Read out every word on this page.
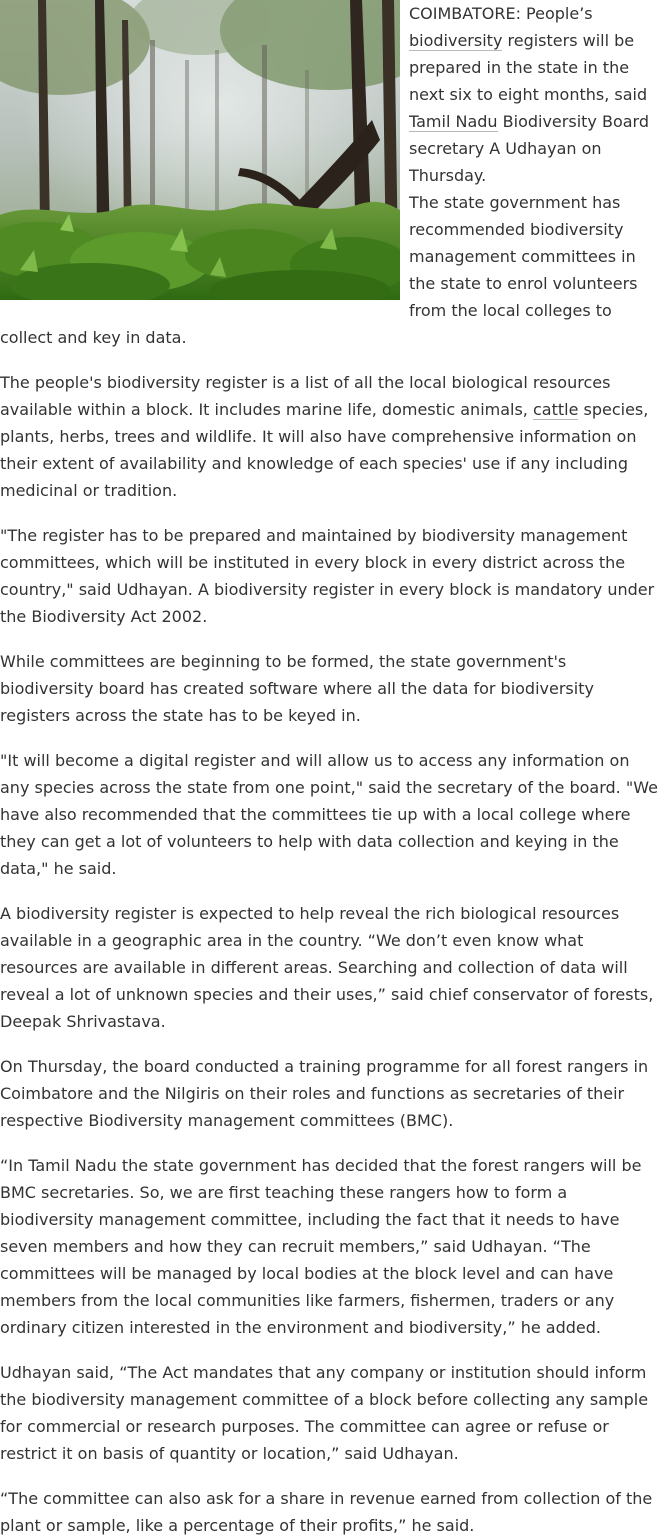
COIMBATORE: People’s biodiversity registers will be prepared in the state in the next six to eight months, said Tamil Nadu Biodiversity Board secretary A Udhayan on Thursday.
The state government has recommended biodiversity management committees in the state to enrol volunteers from the local colleges to collect and key in data.

The people's biodiversity register is a list of all the local biological resources available within a block. It includes marine life, domestic animals, cattle species, plants, herbs, trees and wildlife. It will also have comprehensive information on their extent of availability and knowledge of each species' use if any including medicinal or tradition.

"The register has to be prepared and maintained by biodiversity management committees, which will be instituted in every block in every district across the country," said Udhayan. A biodiversity register in every block is mandatory under the Biodiversity Act 2002.

While committees are beginning to be formed, the state government's biodiversity board has created software where all the data for biodiversity registers across the state has to be keyed in.

"It will become a digital register and will allow us to access any information on any species across the state from one point," said the secretary of the board. "We have also recommended that the committees tie up with a local college where they can get a lot of volunteers to help with data collection and keying in the data," he said.

A biodiversity register is expected to help reveal the rich biological resources available in a geographic area in the country. “We don’t even know what resources are available in different areas. Searching and collection of data will reveal a lot of unknown species and their uses,” said chief conservator of forests, Deepak Shrivastava.

On Thursday, the board conducted a training programme for all forest rangers in Coimbatore and the Nilgiris on their roles and functions as secretaries of their respective Biodiversity management committees (BMC).

“In Tamil Nadu the state government has decided that the forest rangers will be BMC secretaries. So, we are first teaching these rangers how to form a biodiversity management committee, including the fact that it needs to have seven members and how they can recruit members,” said Udhayan. “The committees will be managed by local bodies at the block level and can have members from the local communities like farmers, fishermen, traders or any ordinary citizen interested in the environment and biodiversity,” he added.

Udhayan said, “The Act mandates that any company or institution should inform the biodiversity management committee of a block before collecting any sample for commercial or research purposes. The committee can agree or refuse or restrict it on basis of quantity or location,” said Udhayan.

“The committee can also ask for a share in revenue earned from collection of the plant or sample, like a percentage of their profits,” he said.
